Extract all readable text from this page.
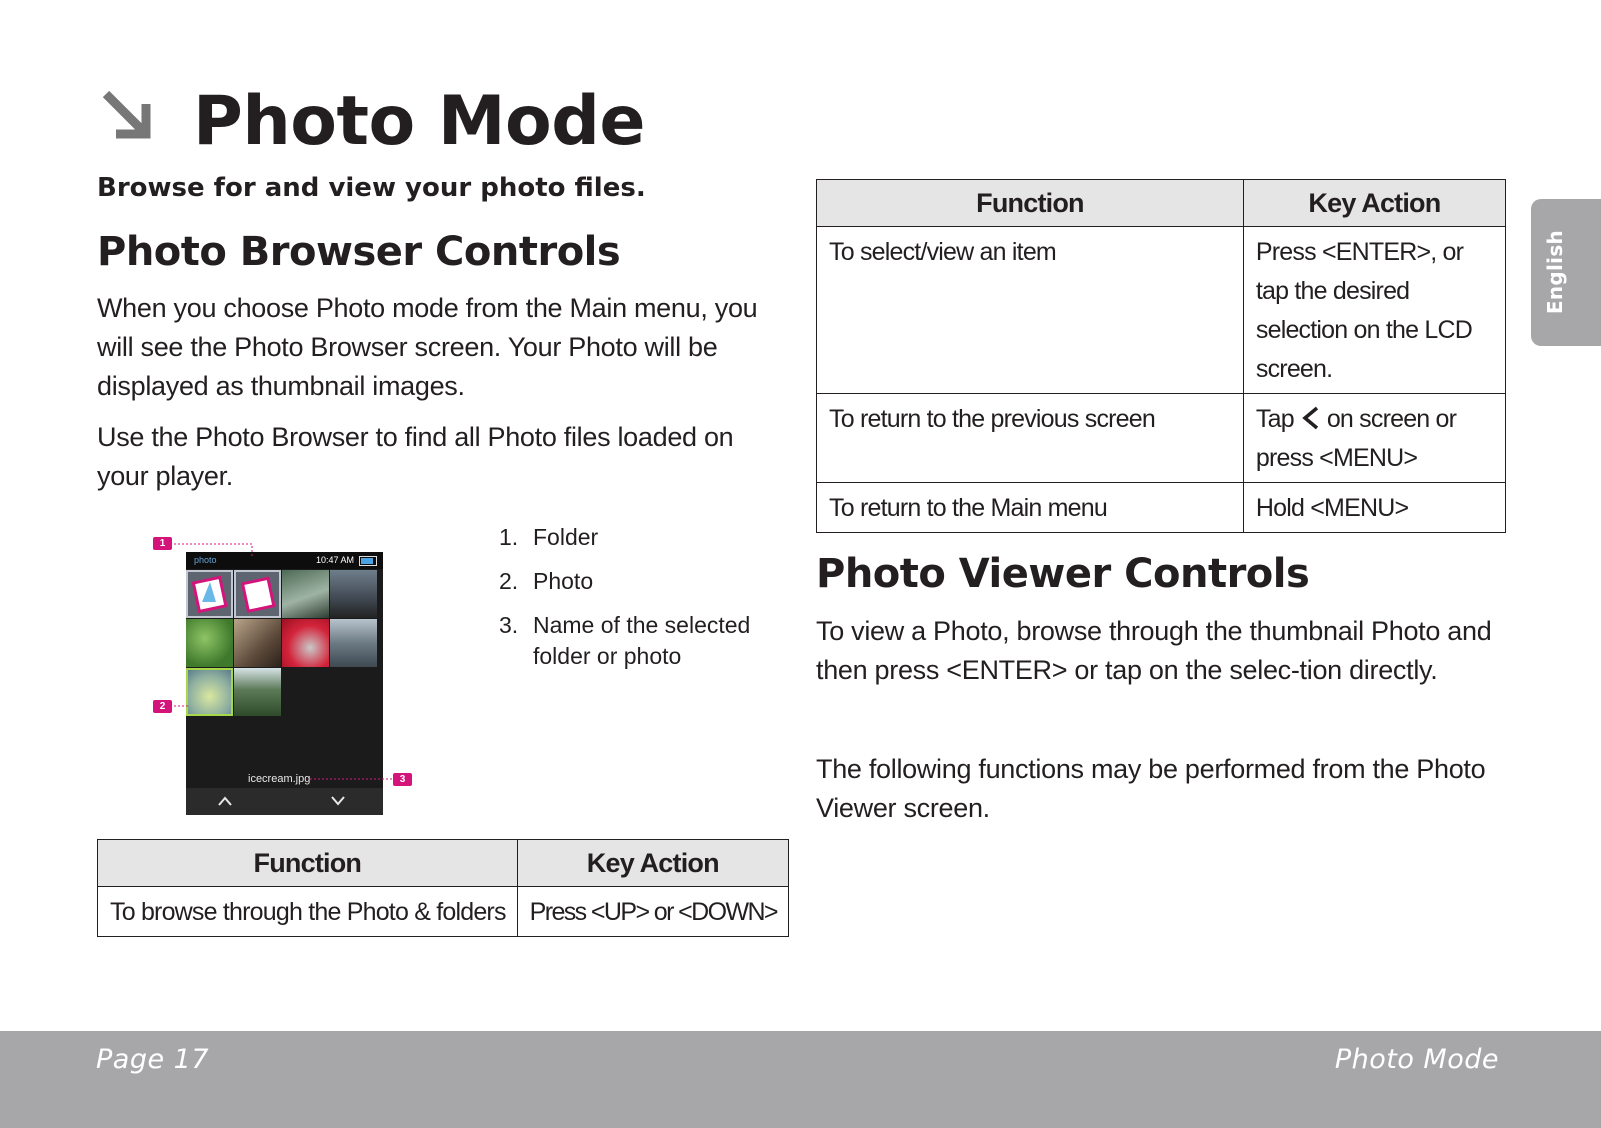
Photo Mode

Browse for and view your photo files.

Photo Browser Controls

When you choose Photo mode from the Main menu, you will see the Photo Browser screen. Your Photo will be displayed as thumbnail images.

Use the Photo Browser to find all Photo files loaded on your player.

photo	10:47 AM
icecream.jpg
1
2
3
1. Folder
2. Photo
3. Name of the selected folder or photo
Function	Key Action
To browse through the Photo & folders	Press <UP> or <DOWN>
Function	Key Action
To select/view an item	Press <ENTER>, or tap the desired selection on the LCD screen.
To return to the previous screen	Tap on screen or press <MENU>
To return to the Main menu	Hold <MENU>
Photo Viewer Controls

To view a Photo, browse through the thumbnail Photo and then press <ENTER> or tap on the selec-tion directly.

The following functions may be performed from the Photo Viewer screen.

English
Page 17	Photo Mode
